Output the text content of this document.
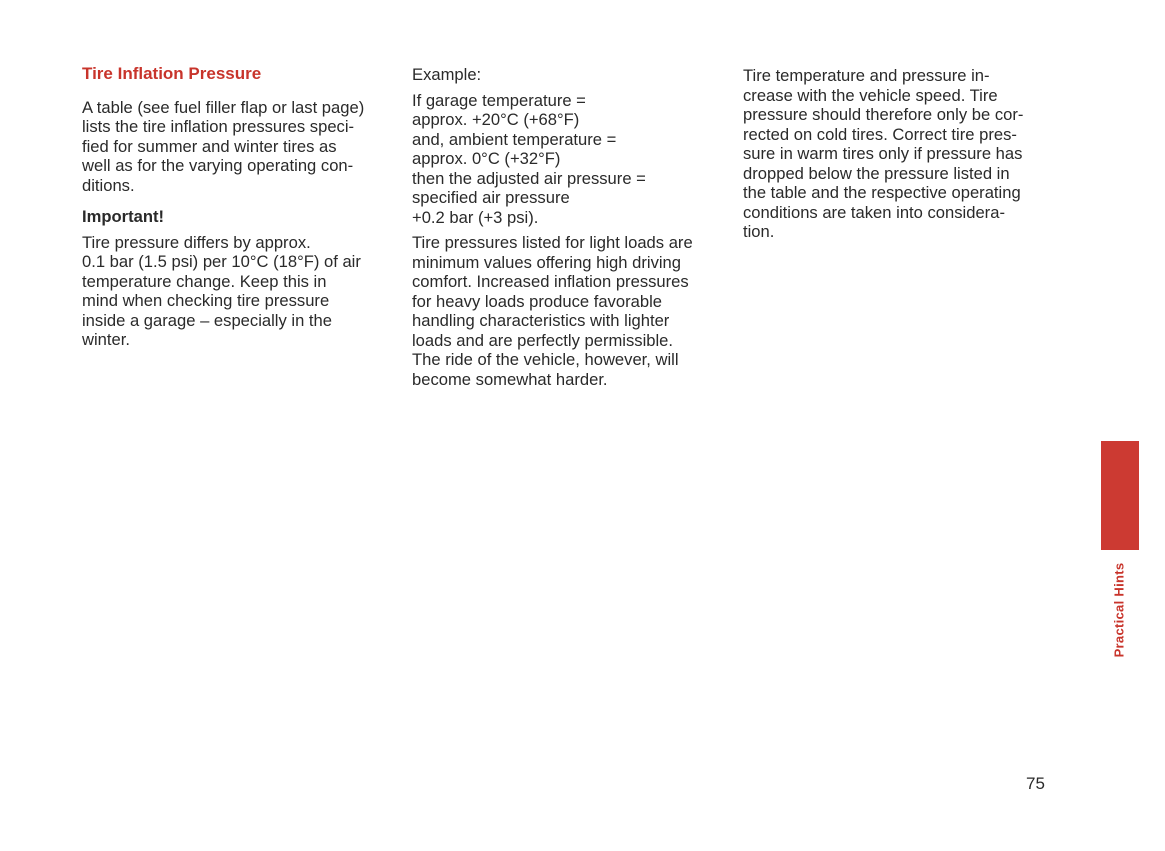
Tire Inflation Pressure

A table (see fuel filler flap or last page)
lists the tire inflation pressures speci-
fied for summer and winter tires as
well as for the varying operating con-
ditions.

Important!

Tire pressure differs by approx.
0.1 bar (1.5 psi) per 10°C (18°F) of air
temperature change. Keep this in
mind when checking tire pressure
inside a garage – especially in the
winter.

Example:

If garage temperature =
approx. +20°C (+68°F)
and, ambient temperature =
approx. 0°C (+32°F)
then the adjusted air pressure =
specified air pressure
+0.2 bar (+3 psi).

Tire pressures listed for light loads are
minimum values offering high driving
comfort. Increased inflation pressures
for heavy loads produce favorable
handling characteristics with lighter
loads and are perfectly permissible.
The ride of the vehicle, however, will
become somewhat harder.

Tire temperature and pressure in-
crease with the vehicle speed. Tire
pressure should therefore only be cor-
rected on cold tires. Correct tire pres-
sure in warm tires only if pressure has
dropped below the pressure listed in
the table and the respective operating
conditions are taken into considera-
tion.

Practical Hints
75
